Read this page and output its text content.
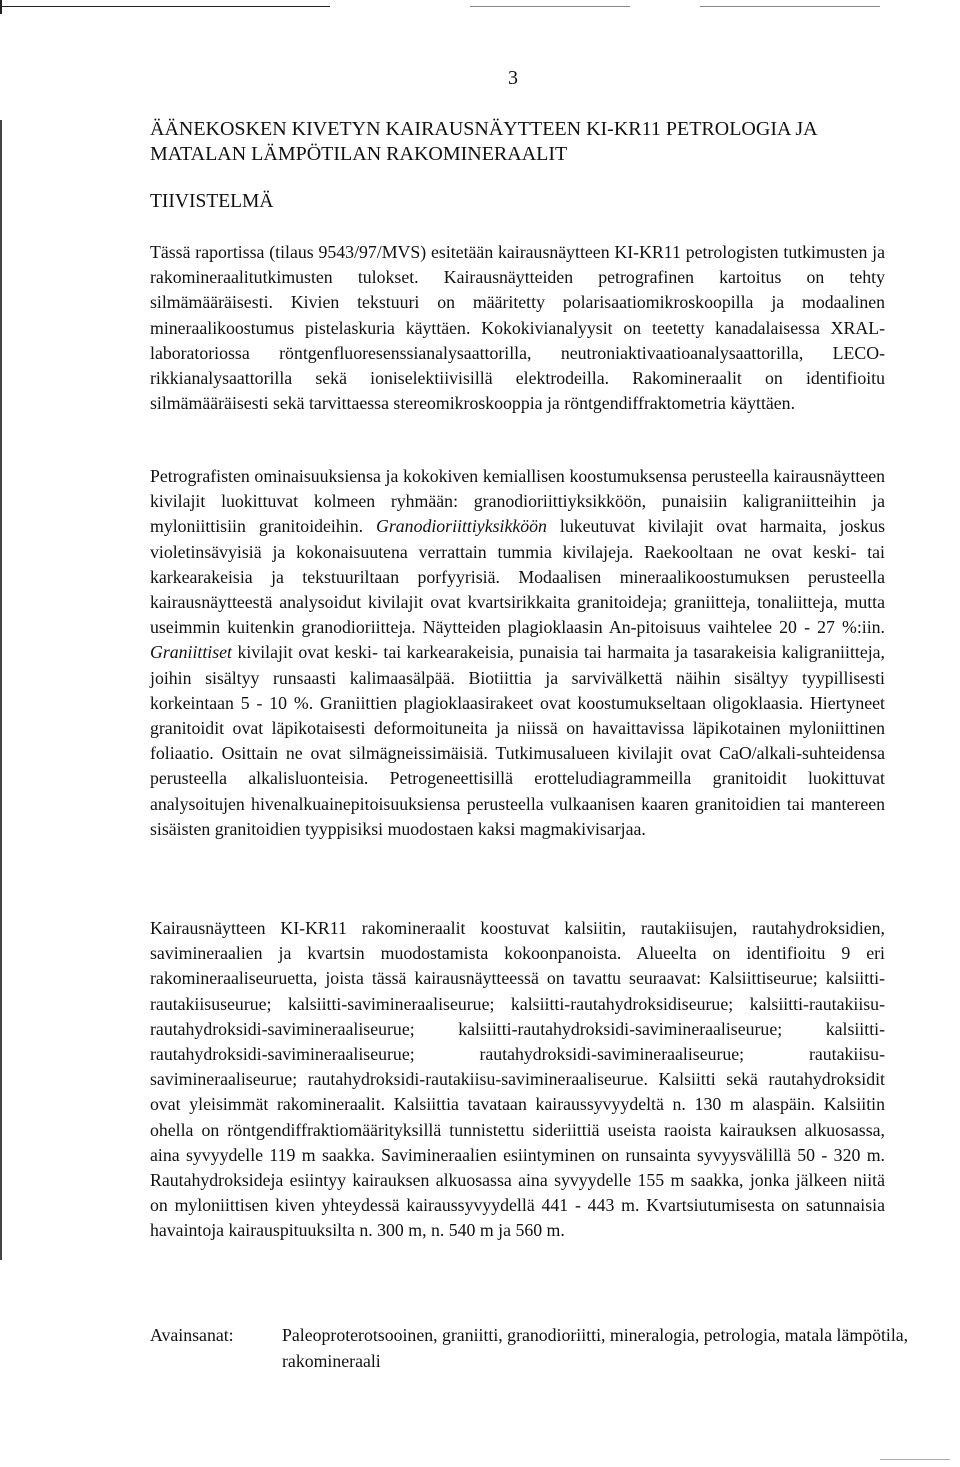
3
ÄÄNEKOSKEN KIVETYN KAIRAUSNÄYTTEEN KI-KR11 PETROLOGIA JA MATALAN LÄMPÖTILAN RAKOMINERAALIT
TIIVISTELMÄ

Tässä raportissa (tilaus 9543/97/MVS) esitetään kairausnäytteen KI-KR11 petrologisten tutkimusten ja rakomineraalitutkimusten tulokset. Kairausnäytteiden petrografinen kartoitus on tehty silmämääräisesti. Kivien tekstuuri on määritetty polarisaatiomikroskoopilla ja modaalinen mineraalikoostumus pistelaskuria käyttäen. Kokokivianalyysit on teetetty kanadalaisessa XRAL-laboratoriossa röntgenfluoresenssianalysaattorilla, neutroniaktivaatioanalysaattorilla, LECO-rikkianalysaattorilla sekä ioniselektiivisillä elektrodeilla. Rakomineraalit on identifioitu silmämääräisesti sekä tarvittaessa stereomikroskooppia ja röntgendiffraktometria käyttäen.

Petrografisten ominaisuuksiensa ja kokokiven kemiallisen koostumuksensa perusteella kairausnäytteen kivilajit luokittuvat kolmeen ryhmään: granodioriittiyksikköön, punaisiin kaligraniitteihin ja myloniittisiin granitoideihin. Granodioriittiyksikköön lukeutuvat kivilajit ovat harmaita, joskus violetinsävyisiä ja kokonaisuutena verrattain tummia kivilajeja. Raekooltaan ne ovat keski- tai karkearakeisia ja tekstuuriltaan porfyyrisiä. Modaalisen mineraalikoostumuksen perusteella kairausnäytteestä analysoidut kivilajit ovat kvartsirikkaita granitoideja; graniitteja, tonaliitteja, mutta useimmin kuitenkin granodioriitteja. Näytteiden plagioklaasin An-pitoisuus vaihtelee 20 - 27 %:iin. Graniittiset kivilajit ovat keski- tai karkearakeisia, punaisia tai harmaita ja tasarakeisia kaligraniitteja, joihin sisältyy runsaasti kalimaasälpää. Biotiittia ja sarvivälkettä näihin sisältyy tyypillisesti korkeintaan 5 - 10 %. Graniittien plagioklaasirakeet ovat koostumukseltaan oligoklaasia. Hiertyneet granitoidit ovat läpikotaisesti deformoituneita ja niissä on havaittavissa läpikotainen myloniittinen foliaatio. Osittain ne ovat silmägneissimäisiä. Tutkimusalueen kivilajit ovat CaO/alkali-suhteidensa perusteella alkalisluonteisia. Petrogeneettisillä erotteludiagrammeilla granitoidit luokittuvat analysoitujen hivenalkuainepitoisuuksiensa perusteella vulkaanisen kaaren granitoidien tai mantereen sisäisten granitoidien tyyppisiksi muodostaen kaksi magmakivisarjaa.

Kairausnäytteen KI-KR11 rakomineraalit koostuvat kalsiitin, rautakiisujen, rautahydroksidien, savimineraalien ja kvartsin muodostamista kokoonpanoista. Alueelta on identifioitu 9 eri rakomineraaliseuruetta, joista tässä kairausnäytteessä on tavattu seuraavat: Kalsiittiseurue; kalsiitti-rautakiisuseurue; kalsiitti-savimineraaliseurue; kalsiitti-rautahydroksidiseurue; kalsiitti-rautakiisu-rautahydroksidi-savimineraaliseurue; kalsiitti-rautahydroksidi-savimineraaliseurue; kalsiitti-rautahydroksidi-savimineraaliseurue; rautahydroksidi-savimineraaliseurue; rautakiisu-savimineraaliseurue; rautahydroksidi-rautakiisu-savimineraaliseurue. Kalsiitti sekä rautahydroksidit ovat yleisimmät rakomineraalit. Kalsiittia tavataan kairaussyvyydeltä n. 130 m alaspäin. Kalsiitin ohella on röntgendiffraktiomäärityksillä tunnistettu sideriittiä useista raoista kairauksen alkuosassa, aina syvyydelle 119 m saakka. Savimineraalien esiintyminen on runsainta syvyysvälillä 50 - 320 m. Rautahydroksideja esiintyy kairauksen alkuosassa aina syvyydelle 155 m saakka, jonka jälkeen niitä on myloniittisen kiven yhteydessä kairaussyvyydellä 441 - 443 m. Kvartsiutumisesta on satunnaisia havaintoja kairauspituuksilta n. 300 m, n. 540 m ja 560 m.

Avainsanat:	Paleoproterotsooinen, graniitti, granodioriitti, mineralogia, petrologia, matala lämpötila, rakomineraali
